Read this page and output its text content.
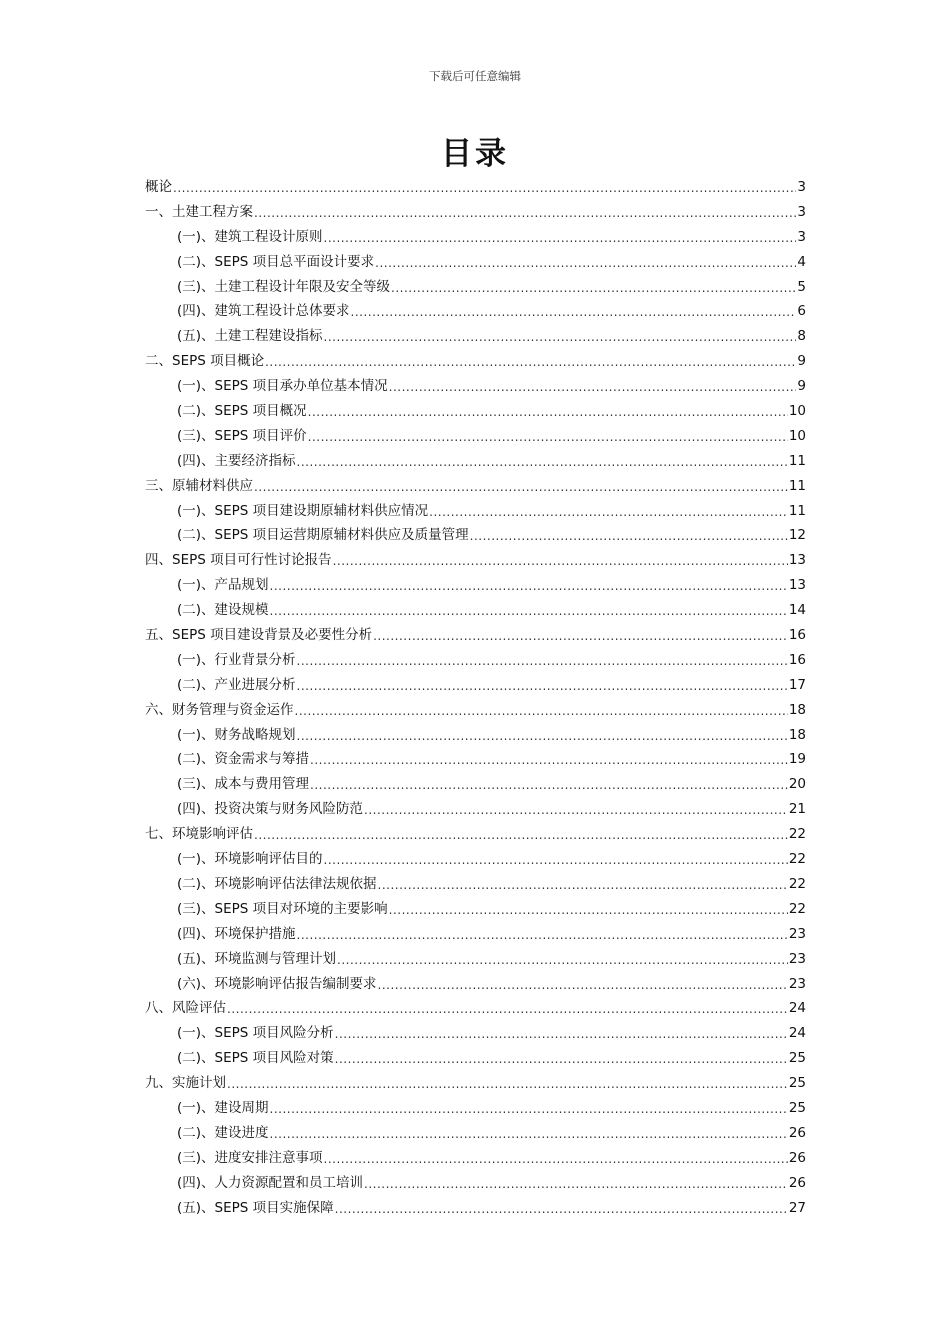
下载后可任意编辑
目录
概论 .....	3
一、土建工程方案 .....	3
(一)、建筑工程设计原则 .....	3
(二)、SEPS 项目总平面设计要求 .....	4
(三)、土建工程设计年限及安全等级 .....	5
(四)、建筑工程设计总体要求 .....	6
(五)、土建工程建设指标 .....	8
二、SEPS 项目概论 .....	9
(一)、SEPS 项目承办单位基本情况 .....	9
(二)、SEPS 项目概况 .....	10
(三)、SEPS 项目评价 .....	10
(四)、主要经济指标 .....	11
三、原辅材料供应 .....	11
(一)、SEPS 项目建设期原辅材料供应情况 .....	11
(二)、SEPS 项目运营期原辅材料供应及质量管理 .....	12
四、SEPS 项目可行性讨论报告 .....	13
(一)、产品规划 .....	13
(二)、建设规模 .....	14
五、SEPS 项目建设背景及必要性分析 .....	16
(一)、行业背景分析 .....	16
(二)、产业进展分析 .....	17
六、财务管理与资金运作 .....	18
(一)、财务战略规划 .....	18
(二)、资金需求与筹措 .....	19
(三)、成本与费用管理 .....	20
(四)、投资决策与财务风险防范 .....	21
七、环境影响评估 .....	22
(一)、环境影响评估目的 .....	22
(二)、环境影响评估法律法规依据 .....	22
(三)、SEPS 项目对环境的主要影响 .....	22
(四)、环境保护措施 .....	23
(五)、环境监测与管理计划 .....	23
(六)、环境影响评估报告编制要求 .....	23
八、风险评估 .....	24
(一)、SEPS 项目风险分析 .....	24
(二)、SEPS 项目风险对策 .....	25
九、实施计划 .....	25
(一)、建设周期 .....	25
(二)、建设进度 .....	26
(三)、进度安排注意事项 .....	26
(四)、人力资源配置和员工培训 .....	26
(五)、SEPS 项目实施保障 .....	27
